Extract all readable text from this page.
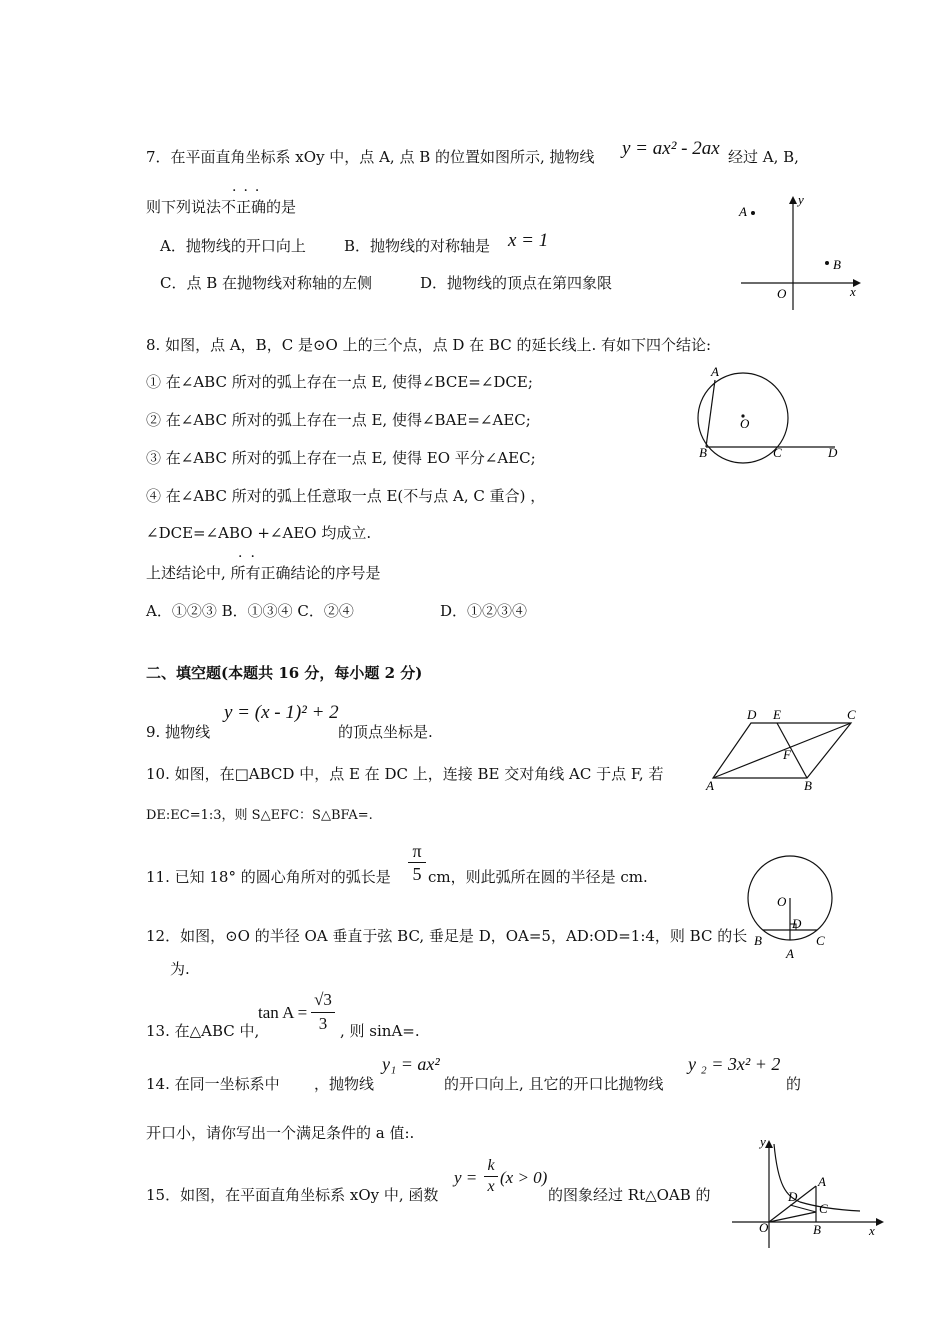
7．在平面直角坐标系 xOy 中，点 A, 点 B 的位置如图所示, 抛物线 y = ax² - 2ax 经过 A, B,
则下列说法不正确的是
···
A．抛物线的开口向上	B．抛物线的对称轴是 x = 1
C．点 B 在抛物线对称轴的左侧	D．抛物线的顶点在第四象限
A
B
O	x
y
8. 如图，点 A，B，C 是⊙O 上的三个点，点 D 在 BC 的延长线上. 有如下四个结论:
① 在∠ABC 所对的弧上存在一点 E, 使得∠BCE=∠DCE;
② 在∠ABC 所对的弧上存在一点 E, 使得∠BAE=∠AEC;
③ 在∠ABC 所对的弧上存在一点 E, 使得 EO 平分∠AEC;
④ 在∠ABC 所对的弧上任意取一点 E(不与点 A, C 重合) ，
∠DCE=∠ABO +∠AEO 均成立.
上述结论中, 所有正确结论的序号是
··
A．①②③ B．①③④ C．②④	D．①②③④
A
B	C	D
O
二、填空题(本题共 16 分，每小题 2 分)
9. 抛物线
y = (x - 1)² + 2
的顶点坐标是.
D E	C
F
A	B
10. 如图，在□ABCD 中，点 E 在 DC 上，连接 BE 交对角线 AC 于点 F, 若
DE:EC=1:3，则 S△EFC：S△BFA=.
11. 已知 18° 的圆心角所对的弧长是
π
5 cm，则此弧所在圆的半径是 cm.
O
D
B	C
A
12．如图，⊙O 的半径 OA 垂直于弦 BC, 垂足是 D，OA=5，AD:OD=1:4，则 BC 的长
为.
13. 在△ABC 中,
tan A =
√3
3 , 则 sinA=.
14. 在同一坐标系中 ，抛物线
y₁ = ax²
的开口向上, 且它的开口比抛物线
y ₂ = 3x² + 2
的
开口小，请你写出一个满足条件的 a 值:.
15．如图，在平面直角坐标系 xOy 中, 函数
y =
k
x (x > 0)
的图象经过 Rt△OAB 的
y
A
D
C
O	B	x
